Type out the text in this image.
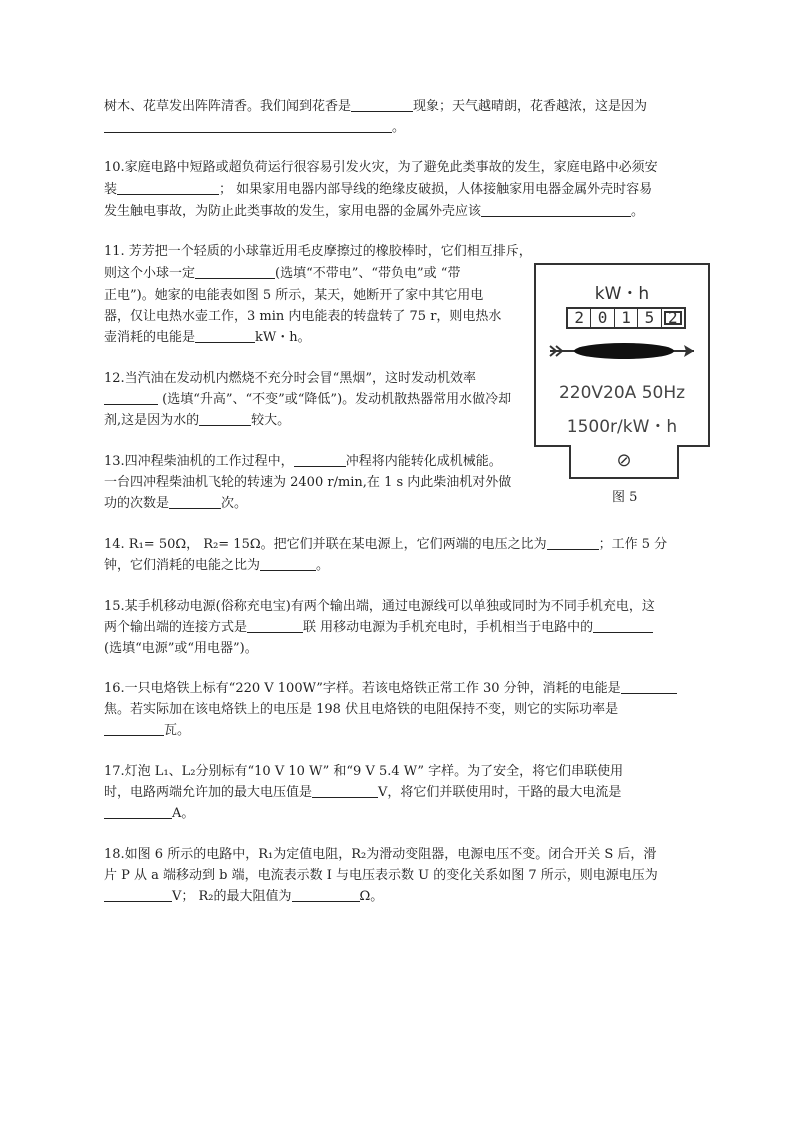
树木、花草发出阵阵清香。我们闻到花香是	现象；天气越晴朗，花香越浓，这是因为
。
10.家庭电路中短路或超负荷运行很容易引发火灾，为了避免此类事故的发生，家庭电路中必须安
装	； 如果家用电器内部导线的绝缘皮破损，人体接触家用电器金属外壳时容易
发生触电事故，为防止此类事故的发生，家用电器的金属外壳应该	。
11. 芳芳把一个轻质的小球靠近用毛皮摩擦过的橡胶棒时，它们相互排斥，
则这个小球一定	(选填“不带电”、“带负电”或 “带
正电”)。她家的电能表如图 5 所示，某天，她断开了家中其它用电
器，仅让电热水壶工作，3 min 内电能表的转盘转了 75 r，则电热水
壶消耗的电能是	kW・h。
12.当汽油在发动机内燃烧不充分时会冒“黑烟”，这时发动机效率
(选填“升高”、“不变”或“降低”)。发动机散热器常用水做冷却
剂,这是因为水的	较大。
13.四冲程柴油机的工作过程中，	冲程将内能转化成机械能。
一台四冲程柴油机飞轮的转速为 2400 r/min,在 1 s 内此柴油机对外做
功的次数是	次。
14. R₁= 50Ω， R₂= 15Ω。把它们并联在某电源上，它们两端的电压之比为	；工作 5 分
钟，它们消耗的电能之比为	。
15.某手机移动电源(俗称充电宝)有两个输出端，通过电源线可以单独或同时为不同手机充电，这
两个输出端的连接方式是	联 用移动电源为手机充电时，手机相当于电路中的
(选填“电源”或“用电器”)。
16.一只电烙铁上标有“220 V 100W”字样。若该电烙铁正常工作 30 分钟，消耗的电能是
焦。若实际加在该电烙铁上的电压是 198 伏且电烙铁的电阻保持不变，则它的实际功率是
瓦。
17.灯泡 L₁、L₂分别标有“10 V 10 W” 和“9 V 5.4 W” 字样。为了安全，将它们串联使用
时，电路两端允许加的最大电压值是	V，将它们并联使用时，干路的最大电流是
A。
18.如图 6 所示的电路中，R₁为定值电阻，R₂为滑动变阻器，电源电压不变。闭合开关 S 后，滑
片 P 从 a 端移动到 b 端，电流表示数 I 与电压表示数 U 的变化关系如图 7 所示，则电源电压为
V； R₂的最大阻值为	Ω。
kW・h
2 0 1 5 2
220V20A 50Hz
1500r/kW・h
⊘
图 5
